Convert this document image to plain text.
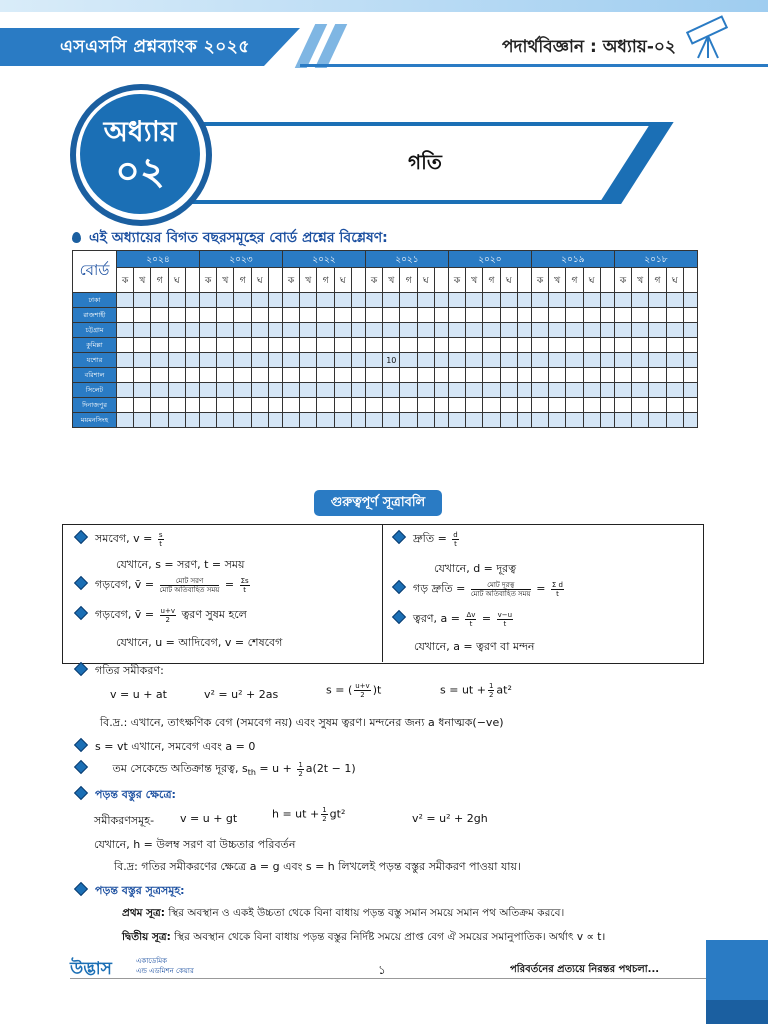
এসএসসি প্রশ্নব্যাংক ২০২৫	পদার্থবিজ্ঞান : অধ্যায়-০২
অধ্যায়
০২	গতি
এই অধ্যায়ের বিগত বছরসমূহের বোর্ড প্রশ্নের বিশ্লেষণ:
বোর্ড	২০২৪					২০২৩					২০২২					২০২১					২০২০					২০১৯					২০১৮				
	ক	খ	গ	ঘ		ক	খ	গ	ঘ		ক	খ	গ	ঘ		ক	খ	গ	ঘ		ক	খ	গ	ঘ		ক	খ	গ	ঘ		ক	খ	গ	ঘ	
ঢাকা																																			
রাজশাহী																																			
চট্টগ্রাম																																			
কুমিল্লা																																			
যশোর																	10																		
বরিশাল																																			
সিলেট																																			
দিনাজপুর																																			
ময়মনসিংহ																																			
গুরুত্বপূর্ণ সূত্রাবলি
সমবেগ, $v = \frac{s}{t}$
যেখানে, s = সরণ, t = সময়
গড়বেগ, v̄ = $\frac{\text{মোট সরণ}}{\text{মোট অতিবাহিত সময়}} = \frac{\Sigma s}{t}$
গড়বেগ, v̄ = $\frac{u+v}{2}$ ত্বরণ সুষম হলে
যেখানে, u = আদিবেগ, v = শেষবেগ
দ্রুতি = $\frac{d}{t}$
যেখানে, d = দূরত্ব
গড় দ্রুতি = $\frac{\text{মোট দূরত্ব}}{\text{মোট অতিবাহিত সময়}} = \frac{\text{Σ d}}{t}$
ত্বরণ, $a = \frac{\Delta v}{t} = \frac{v-u}{t}$
যেখানে, a = ত্বরণ বা মন্দন
গতির সমীকরণ:
v = u + at	v² = u² + 2as	s = ( $\frac{u+v}{2} )t$	s = ut + $\frac{1}{2} at^2$
বি.দ্র.: এখানে, তাৎক্ষণিক বেগ (সমবেগ নয়) এবং সুষম ত্বরণ। মন্দনের জন্য a ধনাত্মক(−ve)
s = vt এখানে, সমবেগ এবং a = 0
তম সেকেন্ডে অতিক্রান্ত দূরত্ব, $s_{th} = u + \frac{1}{2} a(2t - 1)$
পড়ন্ত বস্তুর ক্ষেত্রে:
সমীকরণসমূহ- v = u + gt	h = ut + $\frac{1}{2} gt^2$	v² = u² + 2gh
যেখানে, h = উলম্ব সরণ বা উচ্চতার পরিবর্তন
বি.দ্র: গতির সমীকরণের ক্ষেত্রে a = g এবং s = h লিখলেই পড়ন্ত বস্তুর সমীকরণ পাওয়া যায়।
পড়ন্ত বস্তুর সূত্রসমূহ:
প্রথম সূত্র: স্থির অবস্থান ও একই উচ্চতা থেকে বিনা বাধায় পড়ন্ত বস্তু সমান সময়ে সমান পথ অতিক্রম করবে।
দ্বিতীয় সূত্র: স্থির অবস্থান থেকে বিনা বাধায় পড়ন্ত বস্তুর নির্দিষ্ট সময়ে প্রাপ্ত বেগ ঐ সময়ের সমানুপাতিক। অর্থাৎ v ∝ t।
উদ্ভাস	একাডেমিক
এন্ড এডমিশন কেয়ার	১	পরিবর্তনের প্রত্যয়ে নিরন্তর পথচলা...
